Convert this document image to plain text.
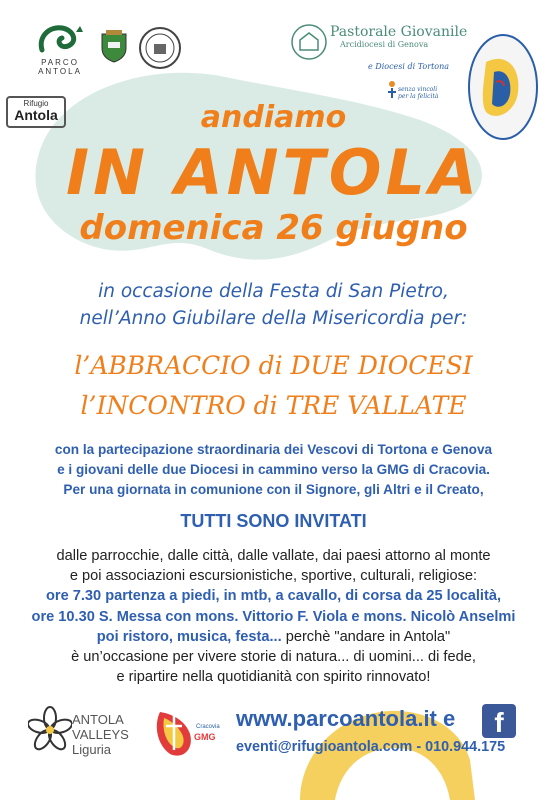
PARCO ANTOLA
Rifugio
Antola
Pastorale Giovanile
Arcidiocesi di Genova
e Diocesi di Tortona
senza vincoli per la felicità
andiamo
IN ANTOLA
domenica 26 giugno
in occasione della Festa di San Pietro,
nell’Anno Giubilare della Misericordia per:
l’ABBRACCIO di DUE DIOCESI
l’INCONTRO di TRE VALLATE
con la partecipazione straordinaria dei Vescovi di Tortona e Genova
e i giovani delle due Diocesi in cammino verso la GMG di Cracovia.
Per una giornata in comunione con il Signore, gli Altri e il Creato,
TUTTI SONO INVITATI
dalle parrocchie, dalle città, dalle vallate, dai paesi attorno al monte
e poi associazioni escursionistiche, sportive, culturali, religiose:
ore 7.30 partenza a piedi, in mtb, a cavallo, di corsa da 25 località,
ore 10.30 S. Messa con mons. Vittorio F. Viola e mons. Nicolò Anselmi
poi ristoro, musica, festa... perchè "andare in Antola"
è un’occasione per vivere storie di natura... di uomini... di fede,
e ripartire nella quotidianità con spirito rinnovato!
ANTOLA VALLEYS
Liguria
Cracovia
GMG
www.parcoantola.it e
eventi@rifugioantola.com - 010.944.175
f
